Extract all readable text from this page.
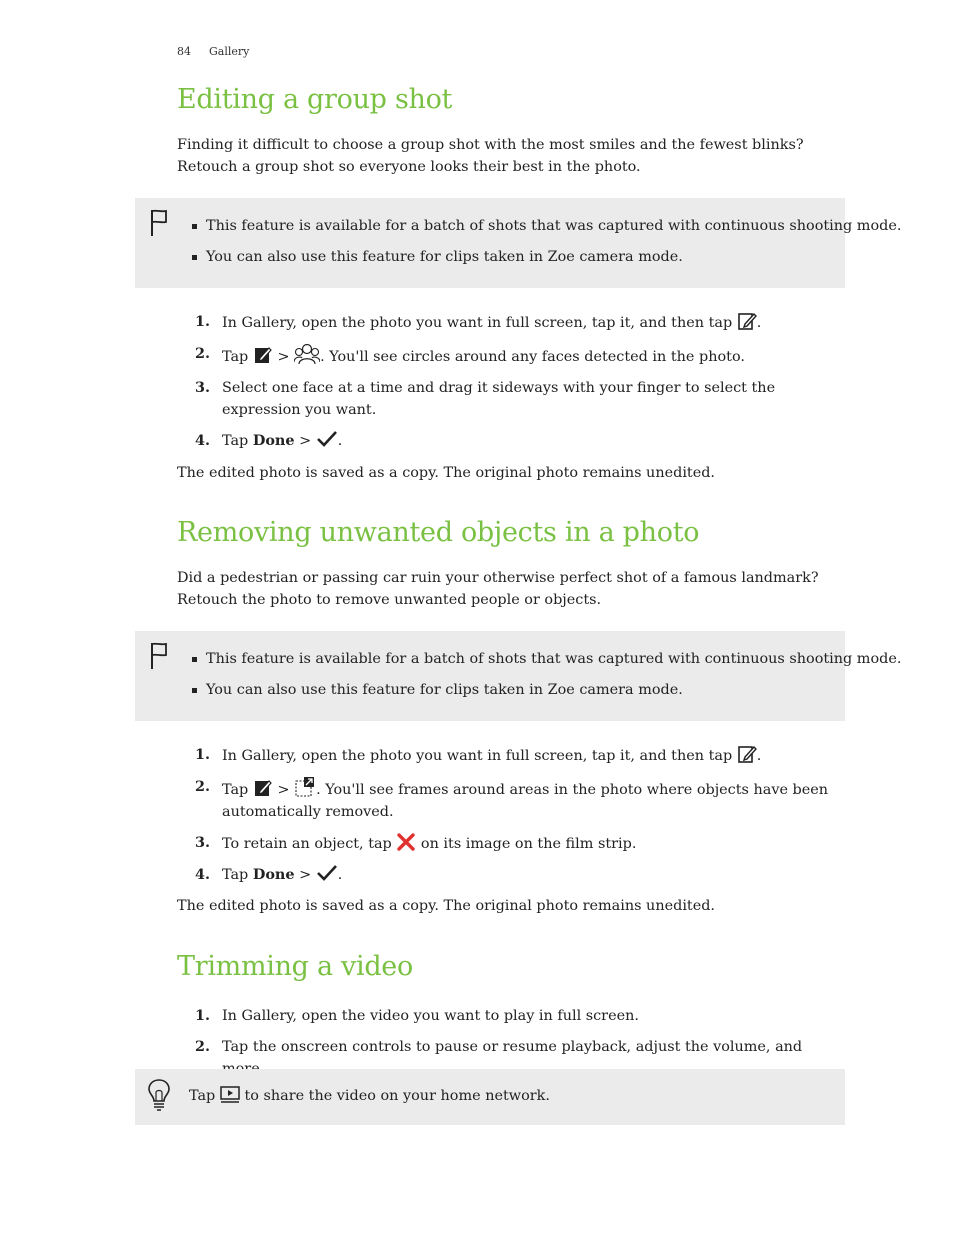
84 Gallery
Editing a group shot

Finding it difficult to choose a group shot with the most smiles and the fewest blinks? Retouch a group shot so everyone looks their best in the photo.

This feature is available for a batch of shots that was captured with continuous shooting mode.
You can also use this feature for clips taken in Zoe camera mode.
1. In Gallery, open the photo you want in full screen, tap it, and then tap .
2. Tap > . You'll see circles around any faces detected in the photo.
3. Select one face at a time and drag it sideways with your finger to select the expression you want.
4. Tap Done > .

The edited photo is saved as a copy. The original photo remains unedited.

Removing unwanted objects in a photo

Did a pedestrian or passing car ruin your otherwise perfect shot of a famous landmark? Retouch the photo to remove unwanted people or objects.

This feature is available for a batch of shots that was captured with continuous shooting mode.
You can also use this feature for clips taken in Zoe camera mode.
1. In Gallery, open the photo you want in full screen, tap it, and then tap .
2. Tap > . You'll see frames around areas in the photo where objects have been automatically removed.
3. To retain an object, tap on its image on the film strip.
4. Tap Done > .

The edited photo is saved as a copy. The original photo remains unedited.

Trimming a video
1. In Gallery, open the video you want to play in full screen.
2. Tap the onscreen controls to pause or resume playback, adjust the volume, and
Tap to share the video on your home network.
